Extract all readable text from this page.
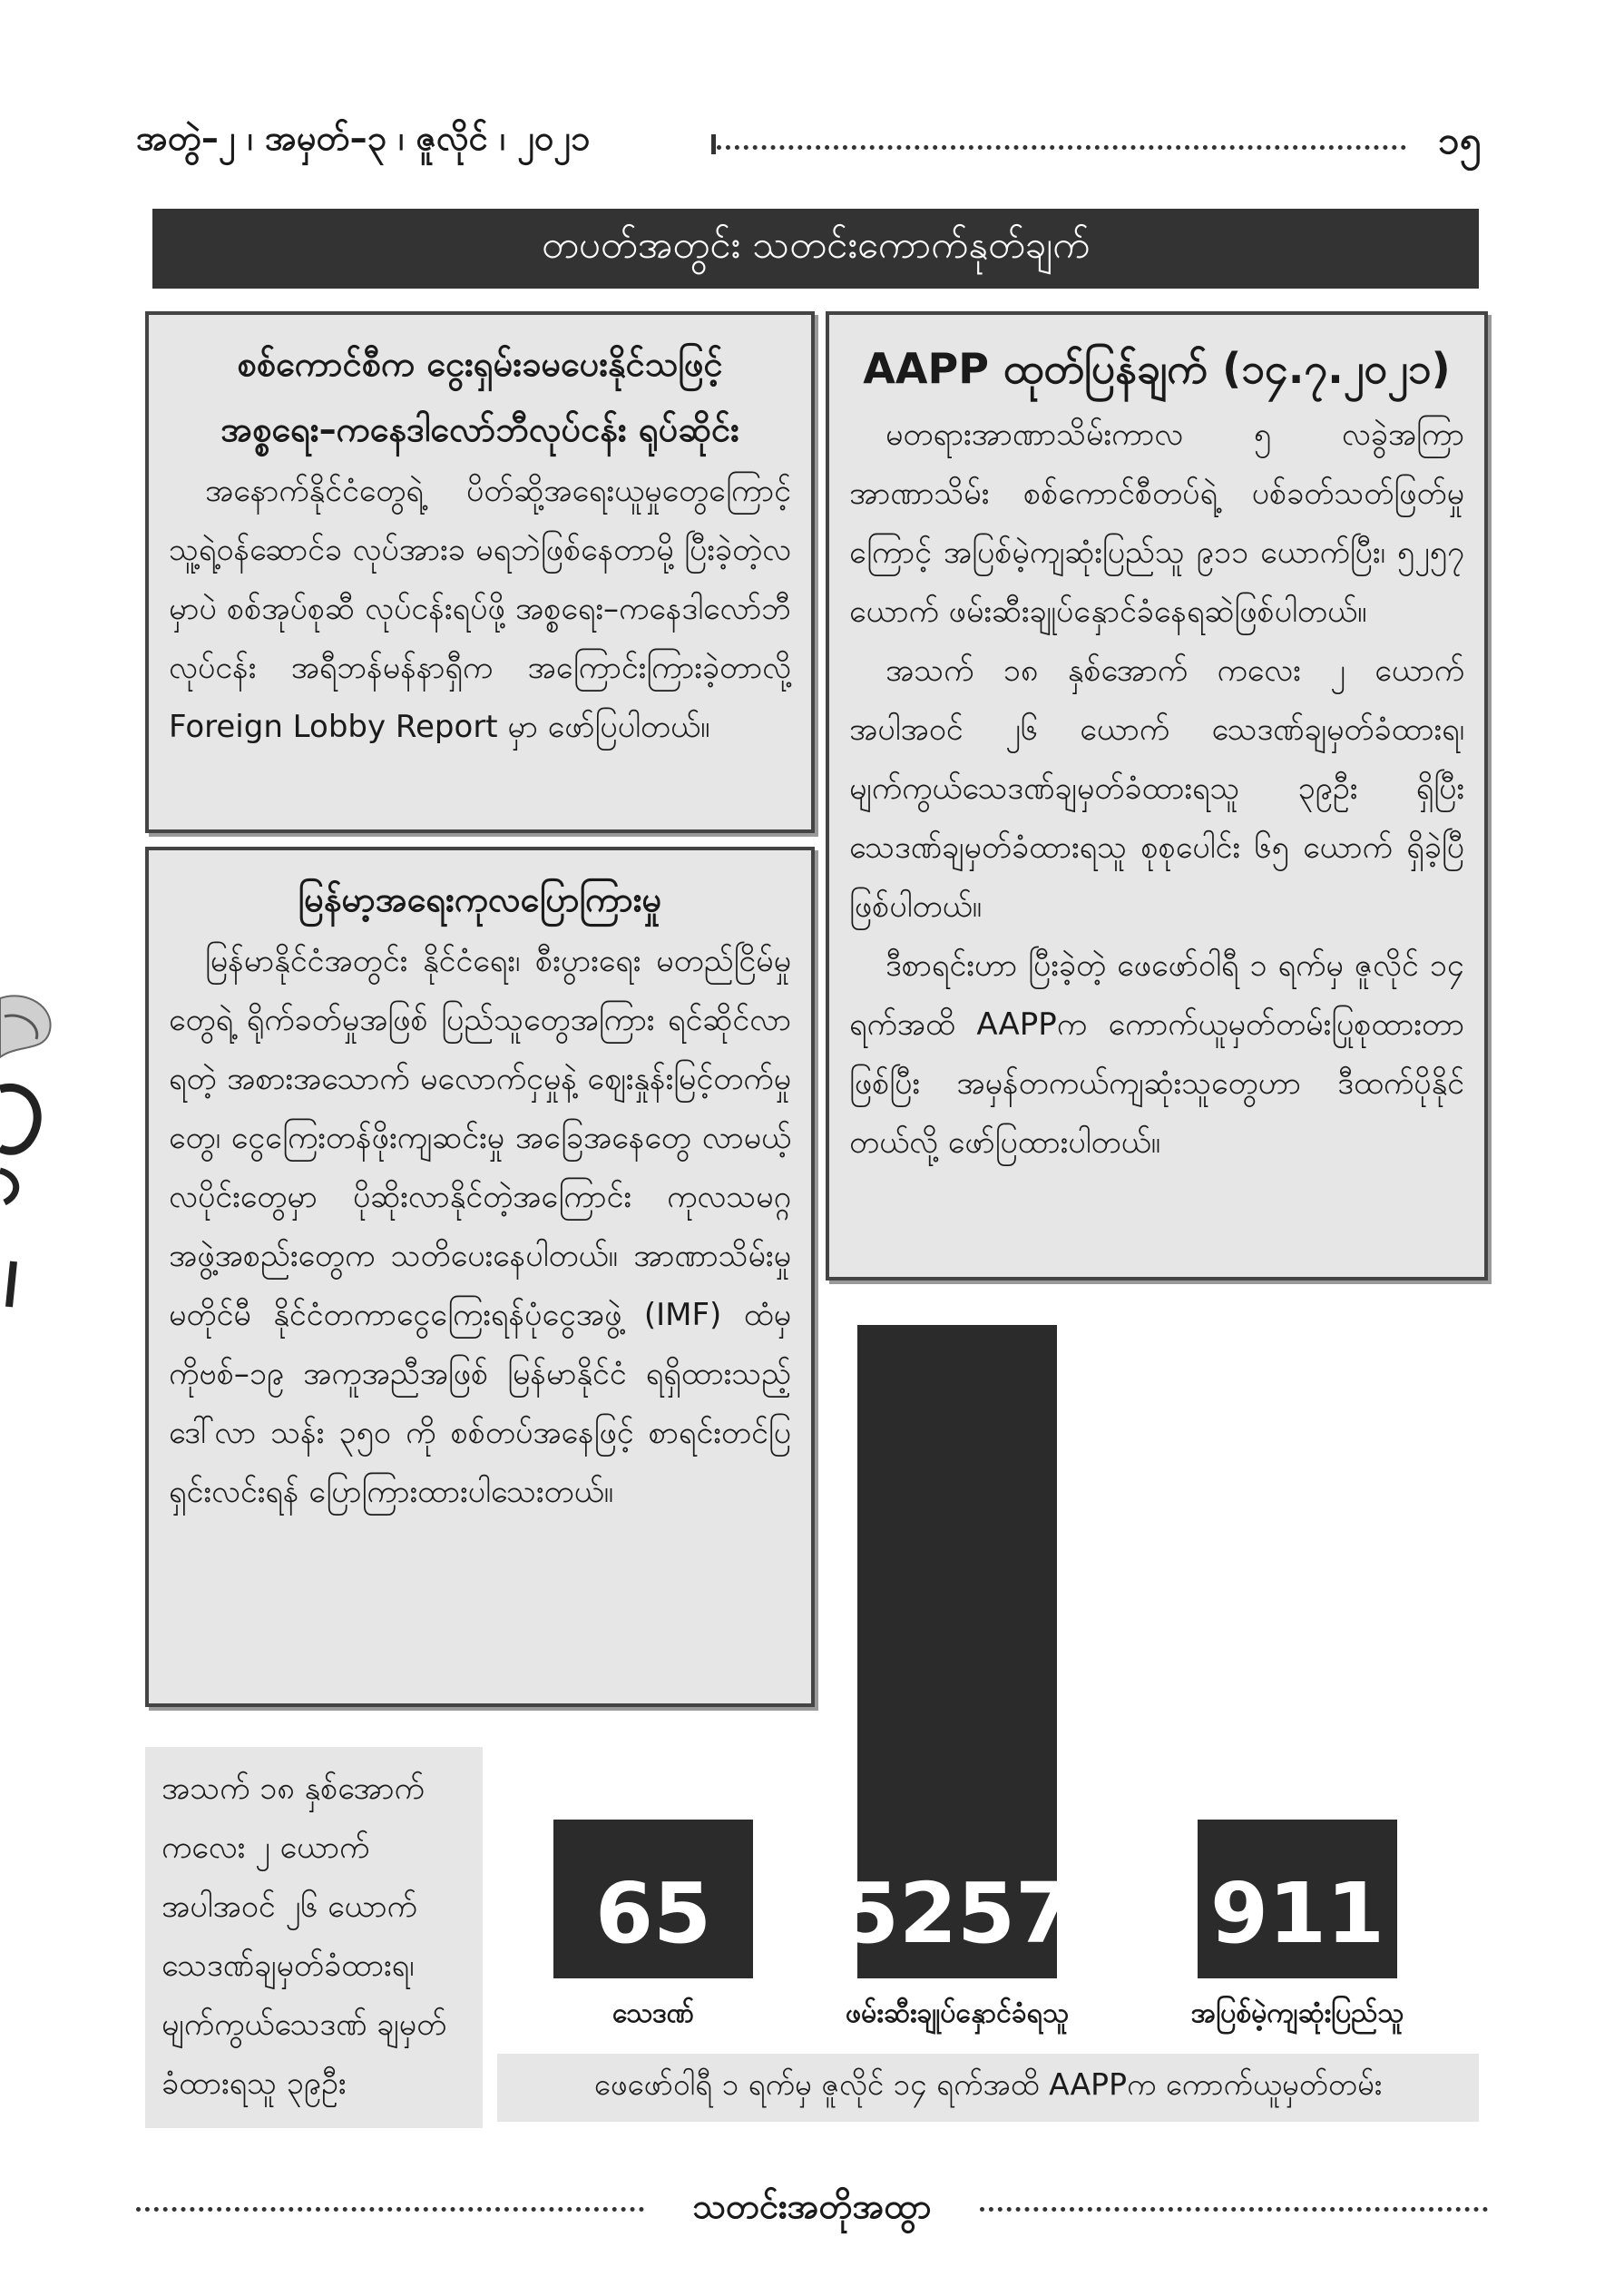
အတွဲ–၂ ၊ အမှတ်–၃ ၊ ဇူလိုင် ၊ ၂၀၂၁	၁၅
တပတ်အတွင်း သတင်းကောက်နုတ်ချက်
စစ်ကောင်စီက ငွေးရှမ်းခမပေးနိုင်သဖြင့်
အစ္စရေး–ကနေဒါလော်ဘီလုပ်ငန်း ရုပ်ဆိုင်း

အနောက်နိုင်ငံတွေရဲ့ ပိတ်ဆို့အရေးယူမှုတွေကြောင့် သူ့ရဲ့ဝန်ဆောင်ခ လုပ်အားခ မရဘဲဖြစ်နေတာမို့ ပြီးခဲ့တဲ့လမှာပဲ စစ်အုပ်စုဆီ လုပ်ငန်းရပ်ဖို့ အစ္စရေး–ကနေဒါလော်ဘီလုပ်ငန်း အရီဘန်မန်နာရှီက အကြောင်းကြားခဲ့တာလို့ Foreign Lobby Report မှာ ဖော်ပြပါတယ်။

မြန်မာ့အရေးကုလပြောကြားမှု

မြန်မာနိုင်ငံအတွင်း နိုင်ငံရေး၊ စီးပွားရေး မတည်ငြိမ်မှုတွေရဲ့ ရိုက်ခတ်မှုအဖြစ် ပြည်သူတွေအကြား ရင်ဆိုင်လာရတဲ့ အစားအသောက် မလောက်ငှမှုနဲ့ ဈေးနှုန်းမြင့်တက်မှုတွေ၊ ငွေကြေးတန်ဖိုးကျဆင်းမှု အခြေအနေတွေ လာမယ့်လပိုင်းတွေမှာ ပိုဆိုးလာနိုင်တဲ့အကြောင်း ကုလသမဂ္ဂ အဖွဲ့အစည်းတွေက သတိပေးနေပါတယ်။ အာဏာသိမ်းမှုမတိုင်မီ နိုင်ငံတကာငွေကြေးရန်ပုံငွေအဖွဲ့ (IMF) ထံမှ ကိုဗစ်–၁၉ အကူအညီအဖြစ် မြန်မာနိုင်ငံ ရရှိထားသည့် ဒေါ်လာ သန်း ၃၅၀ ကို စစ်တပ်အနေဖြင့် စာရင်းတင်ပြရှင်းလင်းရန် ပြောကြားထားပါသေးတယ်။

AAPP ထုတ်ပြန်ချက် (၁၄.၇.၂၀၂၁)

မတရားအာဏာသိမ်းကာလ ၅ လခွဲအကြာ အာဏာသိမ်း စစ်ကောင်စီတပ်ရဲ့ ပစ်ခတ်သတ်ဖြတ်မှုကြောင့် အပြစ်မဲ့ကျဆုံးပြည်သူ ၉၁၁ ယောက်ပြီး၊ ၅၂၅၇ ယောက် ဖမ်းဆီးချုပ်နှောင်ခံနေရဆဲဖြစ်ပါတယ်။

အသက် ၁၈ နှစ်အောက် ကလေး ၂ ယောက် အပါအဝင် ၂၆ ယောက် သေဒဏ်ချမှတ်ခံထားရ၊ မျက်ကွယ်သေဒဏ်ချမှတ်ခံထားရသူ ၃၉ဦး ရှိပြီး သေဒဏ်ချမှတ်ခံထားရသူ စုစုပေါင်း ၆၅ ယောက် ရှိခဲ့ပြီ ဖြစ်ပါတယ်။

ဒီစာရင်းဟာ ပြီးခဲ့တဲ့ ဖေဖော်ဝါရီ ၁ ရက်မှ ဇူလိုင် ၁၄ ရက်အထိ AAPPက ကောက်ယူမှတ်တမ်းပြုစုထားတာဖြစ်ပြီး အမှန်တကယ်ကျဆုံးသူတွေဟာ ဒီထက်ပိုနိုင်တယ်လို့ ဖော်ပြထားပါတယ်။

အသက် ၁၈ နှစ်အောက် ကလေး ၂ ယောက် အပါအဝင် ၂၆ ယောက် သေဒဏ်ချမှတ်ခံထားရ၊ မျက်ကွယ်သေဒဏ် ချမှတ်ခံထားရသူ ၃၉ဦး
65
သေဒဏ်
5257
ဖမ်းဆီးချုပ်နှောင်ခံရသူ
911
အပြစ်မဲ့ကျဆုံးပြည်သူ
ဖေဖော်ဝါရီ ၁ ရက်မှ ဇူလိုင် ၁၄ ရက်အထိ AAPPက ကောက်ယူမှတ်တမ်း
သတင်းအတိုအထွာ
